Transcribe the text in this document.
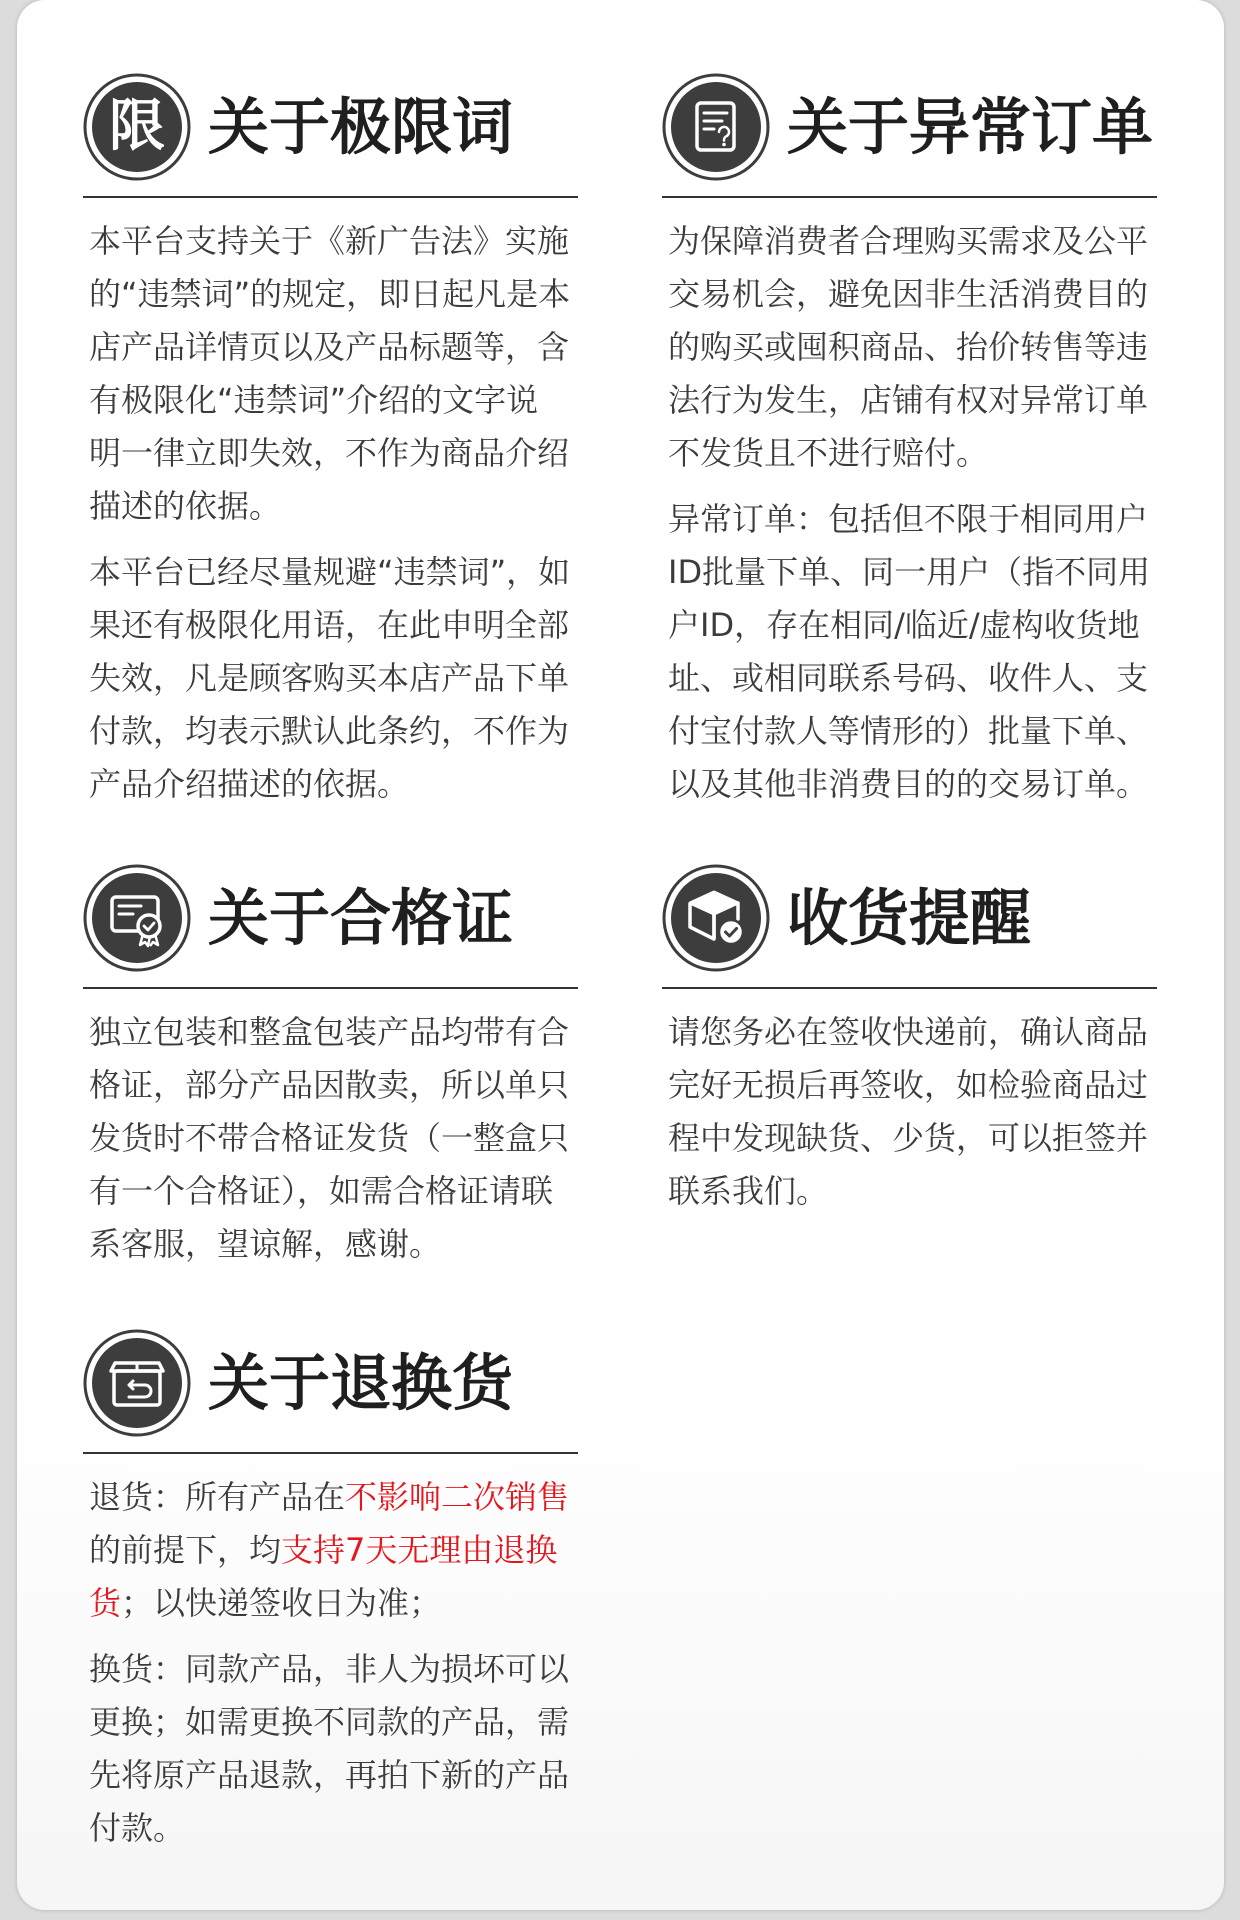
限 关于极限词
本平台支持关于《新广告法》实施
的“违禁词”的规定，即日起凡是本
店产品详情页以及产品标题等，含
有极限化“违禁词”介绍的文字说
明一律立即失效，不作为商品介绍
描述的依据。
本平台已经尽量规避“违禁词”，如
果还有极限化用语，在此申明全部
失效，凡是顾客购买本店产品下单
付款，均表示默认此条约，不作为
产品介绍描述的依据。
关于异常订单
为保障消费者合理购买需求及公平
交易机会，避免因非生活消费目的
的购买或囤积商品、抬价转售等违
法行为发生，店铺有权对异常订单
不发货且不进行赔付。
异常订单：包括但不限于相同用户
ID批量下单、同一用户（指不同用
户ID，存在相同/临近/虚构收货地
址、或相同联系号码、收件人、支
付宝付款人等情形的）批量下单、
以及其他非消费目的的交易订单。
关于合格证
独立包装和整盒包装产品均带有合
格证，部分产品因散卖，所以单只
发货时不带合格证发货（一整盒只
有一个合格证），如需合格证请联
系客服，望谅解，感谢。
收货提醒
请您务必在签收快递前，确认商品
完好无损后再签收，如检验商品过
程中发现缺货、少货，可以拒签并
联系我们。
关于退换货
退货：所有产品在不影响二次销售
的前提下，均支持7天无理由退换
货；以快递签收日为准；
换货：同款产品，非人为损坏可以
更换；如需更换不同款的产品，需
先将原产品退款，再拍下新的产品
付款。
